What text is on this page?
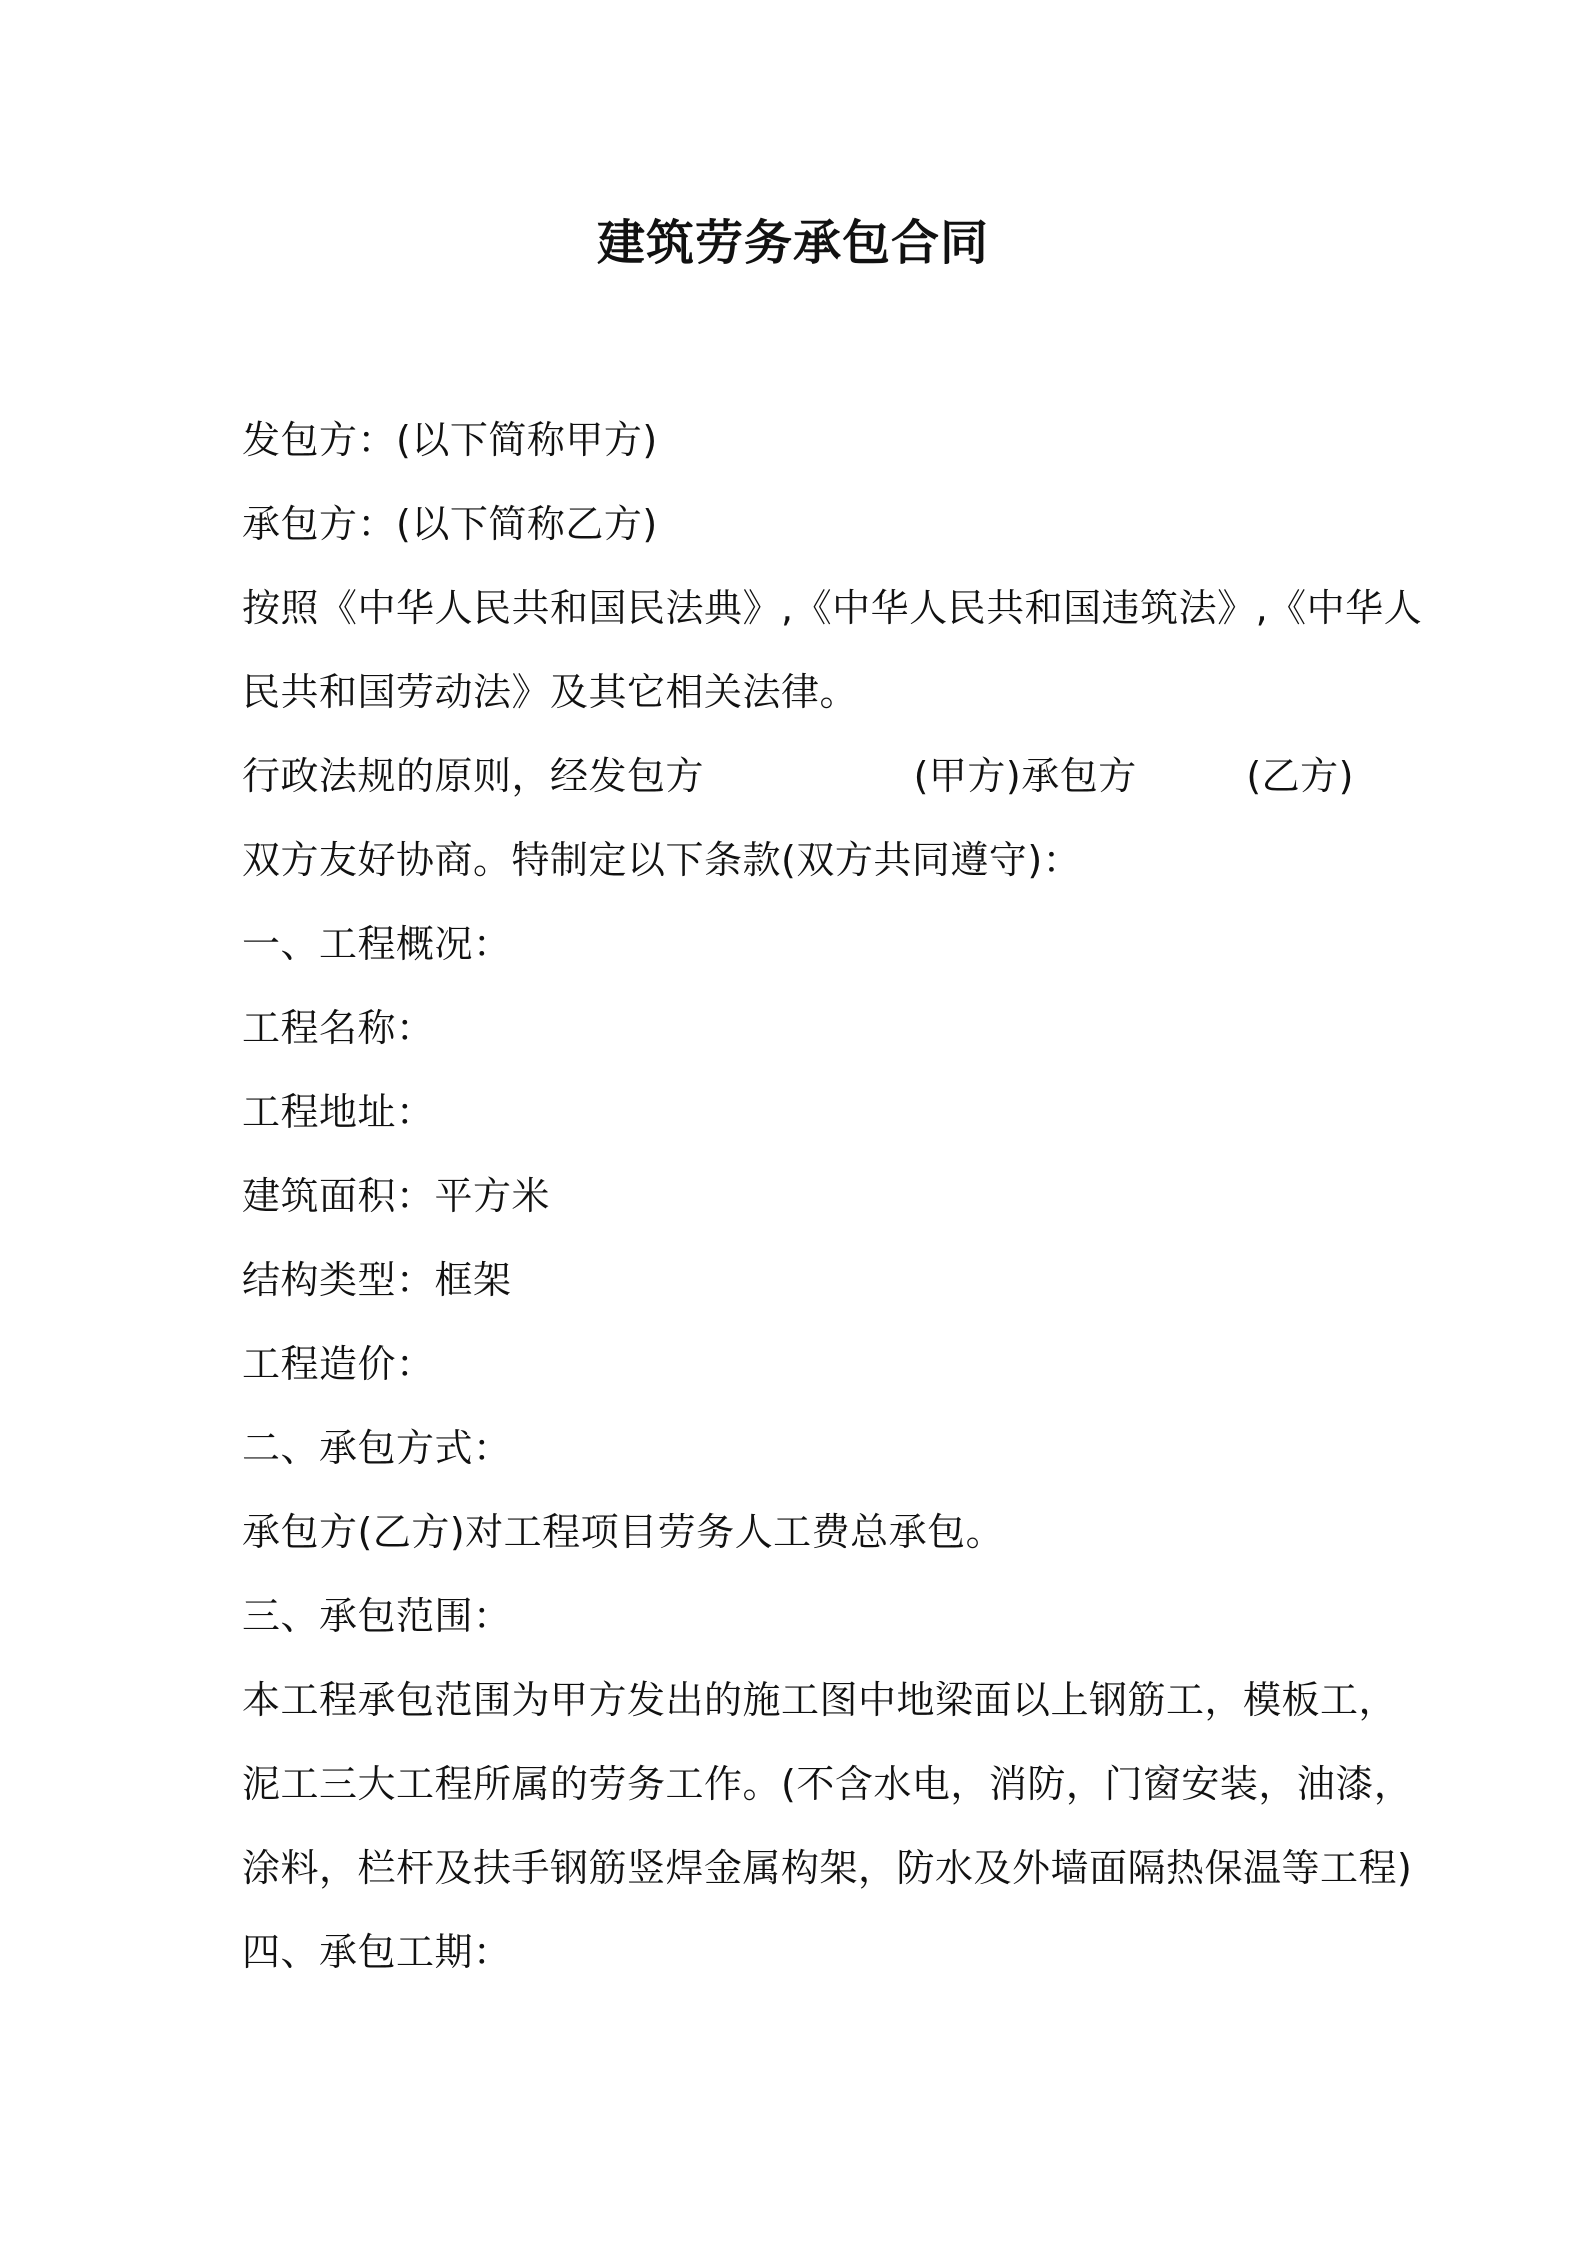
建筑劳务承包合同
发包方：(以下简称甲方)
承包方：(以下简称乙方)
按照《中华人民共和国民法典》,《中华人民共和国违筑法》,《中华人
民共和国劳动法》及其它相关法律。
行政法规的原则，经发包方	(甲方)承包方	(乙方)
双方友好协商。特制定以下条款(双方共同遵守)：
一、工程概况：
工程名称：
工程地址：
建筑面积：平方米
结构类型：框架
工程造价：
二、承包方式：
承包方(乙方)对工程项目劳务人工费总承包。
三、承包范围：
本工程承包范围为甲方发出的施工图中地梁面以上钢筋工，模板工，
泥工三大工程所属的劳务工作。(不含水电，消防，门窗安装，油漆，
涂料，栏杆及扶手钢筋竖焊金属构架，防水及外墙面隔热保温等工程)
四、承包工期：
